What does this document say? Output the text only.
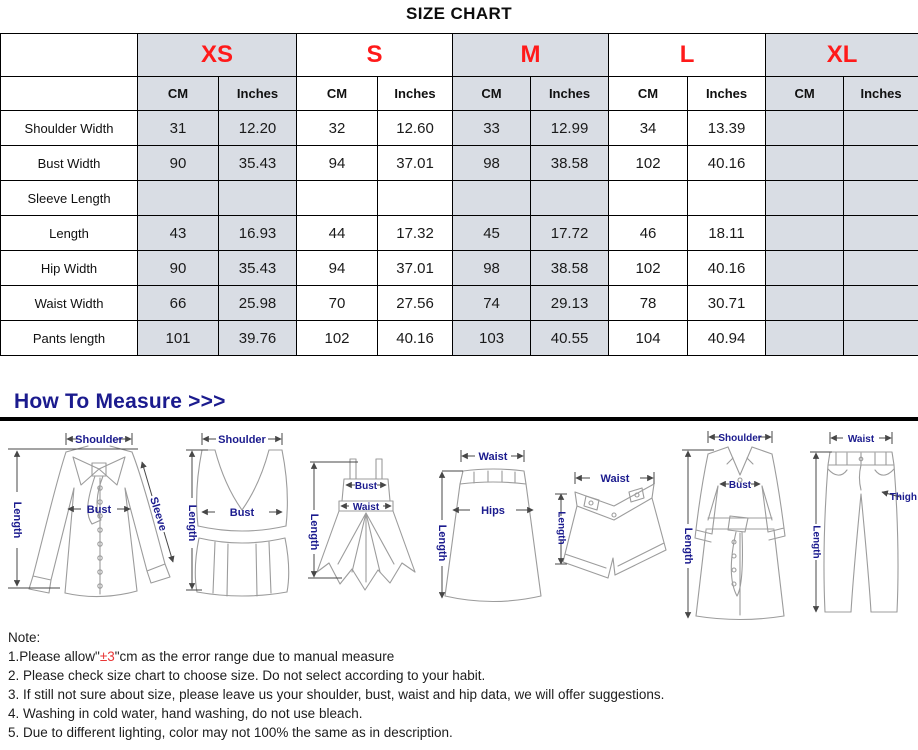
SIZE CHART
	XS		S		M		L		XL	
	CM	Inches	CM	Inches	CM	Inches	CM	Inches	CM	Inches
Shoulder Width	31	12.20	32	12.60	33	12.99	34	13.39		
Bust Width	90	35.43	94	37.01	98	38.58	102	40.16		
Sleeve Length										
Length	43	16.93	44	17.32	45	17.72	46	18.11		
Hip Width	90	35.43	94	37.01	98	38.58	102	40.16		
Waist Width	66	25.98	70	27.56	74	29.13	78	30.71		
Pants length	101	39.76	102	40.16	103	40.55	104	40.94		
How To Measure >>>
Shoulder
Length	Bust	Sleeve
Shoulder
Length	Bust
Length
Bust
Waist
Waist
Length
Hips
Waist
Length
Shoulder
Length
Bust
Waist
Length
Thigh
Note:
1.Please allow"±3"cm as the error range due to manual measure
2. Please check size chart to choose size. Do not select according to your habit.
3. If still not sure about size, please leave us your shoulder, bust, waist and hip data, we will offer suggestions.
4. Washing in cold water, hand washing, do not use bleach.
5. Due to different lighting, color may not 100% the same as in description.
